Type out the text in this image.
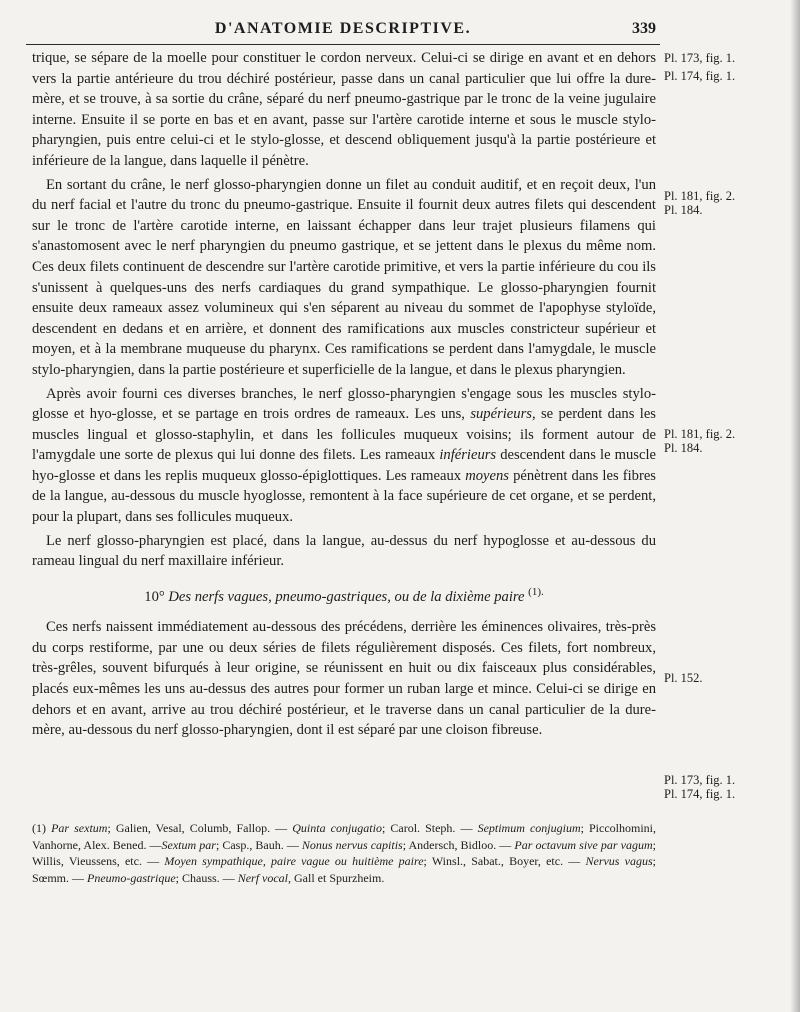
D'ANATOMIE DESCRIPTIVE.	339

trique, se sépare de la moelle pour constituer le cordon nerveux. Celui-ci se dirige en avant et en dehors vers la partie antérieure du trou déchiré postérieur, passe dans un canal particulier que lui offre la dure-mère, et se trouve, à sa sortie du crâne, séparé du nerf pneumo-gastrique par le tronc de la veine jugulaire interne. Ensuite il se porte en bas et en avant, passe sur l'artère carotide interne et sous le muscle stylo-pharyngien, puis entre celui-ci et le stylo-glosse, et descend obliquement jusqu'à la partie postérieure et inférieure de la langue, dans laquelle il pénètre.

En sortant du crâne, le nerf glosso-pharyngien donne un filet au conduit auditif, et en reçoit deux, l'un du nerf facial et l'autre du tronc du pneumo-gastrique. Ensuite il fournit deux autres filets qui descendent sur le tronc de l'artère carotide interne, en laissant échapper dans leur trajet plusieurs filamens qui s'anastomosent avec le nerf pharyngien du pneumo gastrique, et se jettent dans le plexus du même nom. Ces deux filets continuent de descendre sur l'artère carotide primitive, et vers la partie inférieure du cou ils s'unissent à quelques-uns des nerfs cardiaques du grand sympathique. Le glosso-pharyngien fournit ensuite deux rameaux assez volumineux qui s'en séparent au niveau du sommet de l'apophyse styloïde, descendent en dedans et en arrière, et donnent des ramifications aux muscles constricteur supérieur et moyen, et à la membrane muqueuse du pharynx. Ces ramifications se perdent dans l'amygdale, le muscle stylo-pharyngien, dans la partie postérieure et superficielle de la langue, et dans le plexus pharyngien.

Après avoir fourni ces diverses branches, le nerf glosso-pharyngien s'engage sous les muscles stylo-glosse et hyo-glosse, et se partage en trois ordres de rameaux. Les uns, supérieurs, se perdent dans les muscles lingual et glosso-staphylin, et dans les follicules muqueux voisins; ils forment autour de l'amygdale une sorte de plexus qui lui donne des filets. Les rameaux inférieurs descendent dans le muscle hyo-glosse et dans les replis muqueux glosso-épiglottiques. Les rameaux moyens pénètrent dans les fibres de la langue, au-dessous du muscle hyoglosse, remontent à la face supérieure de cet organe, et se perdent, pour la plupart, dans ses follicules muqueux.

Le nerf glosso-pharyngien est placé, dans la langue, au-dessus du nerf hypoglosse et au-dessous du rameau lingual du nerf maxillaire inférieur.

10° Des nerfs vagues, pneumo-gastriques, ou de la dixième paire $^{(1).}$

Ces nerfs naissent immédiatement au-dessous des précédens, derrière les éminences olivaires, très-près du corps restiforme, par une ou deux séries de filets régulièrement disposés. Ces filets, fort nombreux, très-grêles, souvent bifurqués à leur origine, se réunissent en huit ou dix faisceaux plus considérables, placés eux-mêmes les uns au-dessus des autres pour former un ruban large et mince. Celui-ci se dirige en dehors et en avant, arrive au trou déchiré postérieur, et le traverse dans un canal particulier de la dure-mère, au-dessous du nerf glosso-pharyngien, dont il est séparé par une cloison fibreuse.

Pl. 173, fig. 1.
Pl. 174, fig. 1.
Pl. 181, fig. 2.
Pl. 184.
Pl. 181, fig. 2.
Pl. 184.
Pl. 152.
Pl. 173, fig. 1.
Pl. 174, fig. 1.
(1) Par sextum; Galien, Vesal, Columb, Fallop. — Quinta conjugatio; Carol. Steph. — Septimum conjugium; Piccolhomini, Vanhorne, Alex. Bened. —Sextum par; Casp., Bauh. — Nonus nervus capitis; Andersch, Bidloo. — Par octavum sive par vagum; Willis, Vieussens, etc. — Moyen sympathique, paire vague ou huitième paire; Winsl., Sabat., Boyer, etc. — Nervus vagus; Sœmm. — Pneumo-gastrique; Chauss. — Nerf vocal, Gall et Spurzheim.
